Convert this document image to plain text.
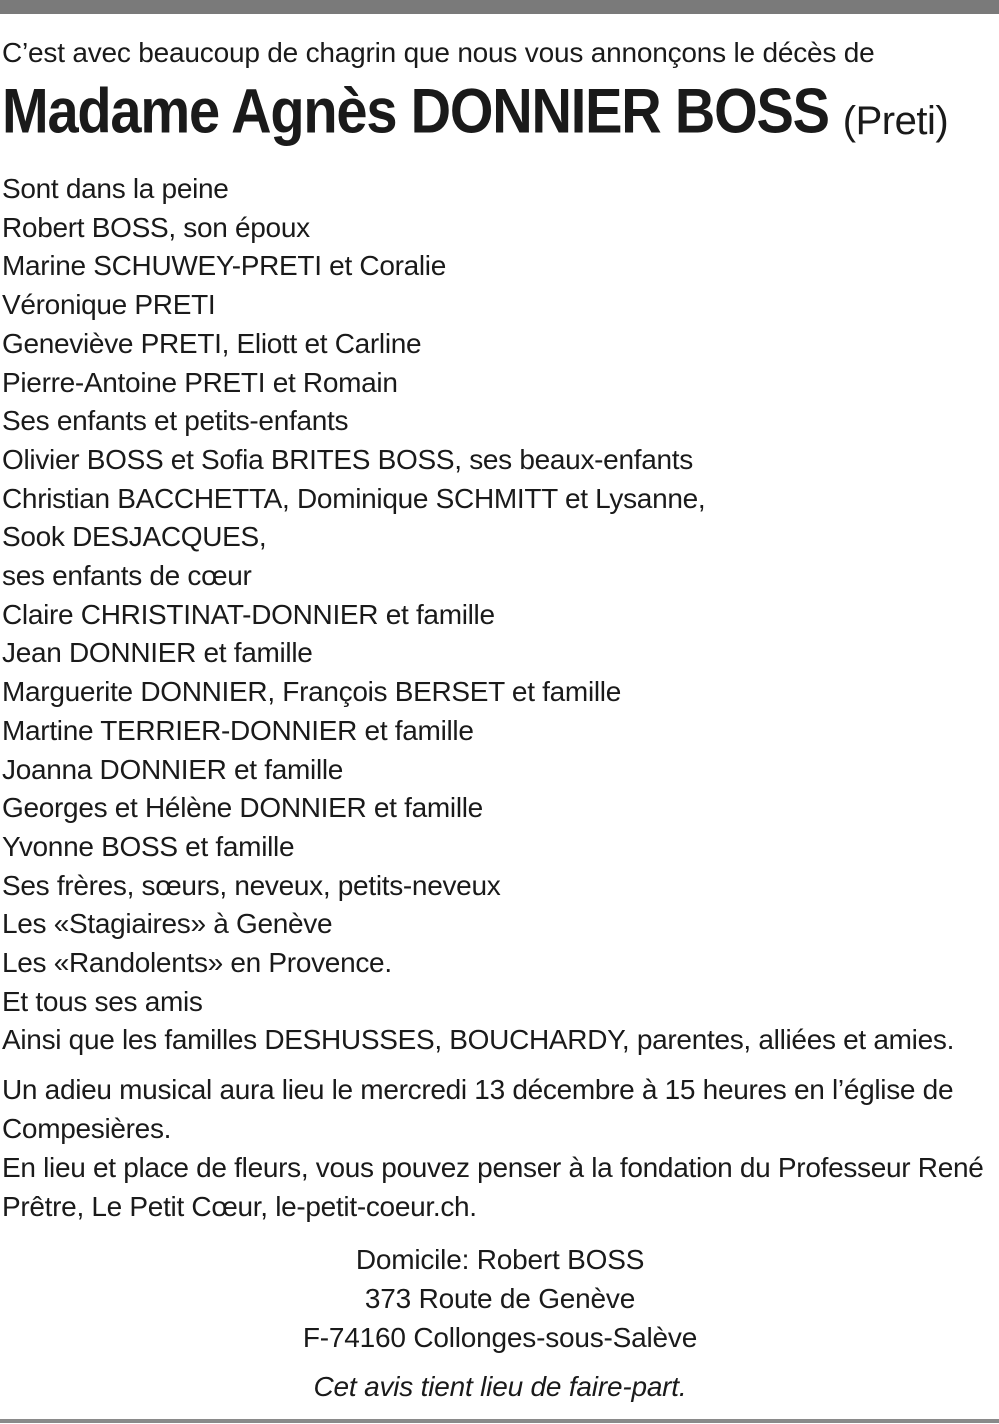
C’est avec beaucoup de chagrin que nous vous annonçons le décès de
Madame Agnès DONNIER BOSS (Preti)
Sont dans la peine
Robert BOSS, son époux
Marine SCHUWEY-PRETI et Coralie
Véronique PRETI
Geneviève PRETI, Eliott et Carline
Pierre-Antoine PRETI et Romain
Ses enfants et petits-enfants
Olivier BOSS et Sofia BRITES BOSS, ses beaux-enfants
Christian BACCHETTA, Dominique SCHMITT et Lysanne,
Sook DESJACQUES,
ses enfants de cœur
Claire CHRISTINAT-DONNIER et famille
Jean DONNIER et famille
Marguerite DONNIER, François BERSET et famille
Martine TERRIER-DONNIER et famille
Joanna DONNIER et famille
Georges et Hélène DONNIER et famille
Yvonne BOSS et famille
Ses frères, sœurs, neveux, petits-neveux
Les «Stagiaires» à Genève
Les «Randolents» en Provence.
Et tous ses amis
Ainsi que les familles DESHUSSES, BOUCHARDY, parentes, alliées et amies.
Un adieu musical aura lieu le mercredi 13 décembre à 15 heures en l’église de Compesières.
En lieu et place de fleurs, vous pouvez penser à la fondation du Professeur René Prêtre, Le Petit Cœur, le-petit-coeur.ch.
Domicile: Robert BOSS
373 Route de Genève
F-74160 Collonges-sous-Salève
Cet avis tient lieu de faire-part.
